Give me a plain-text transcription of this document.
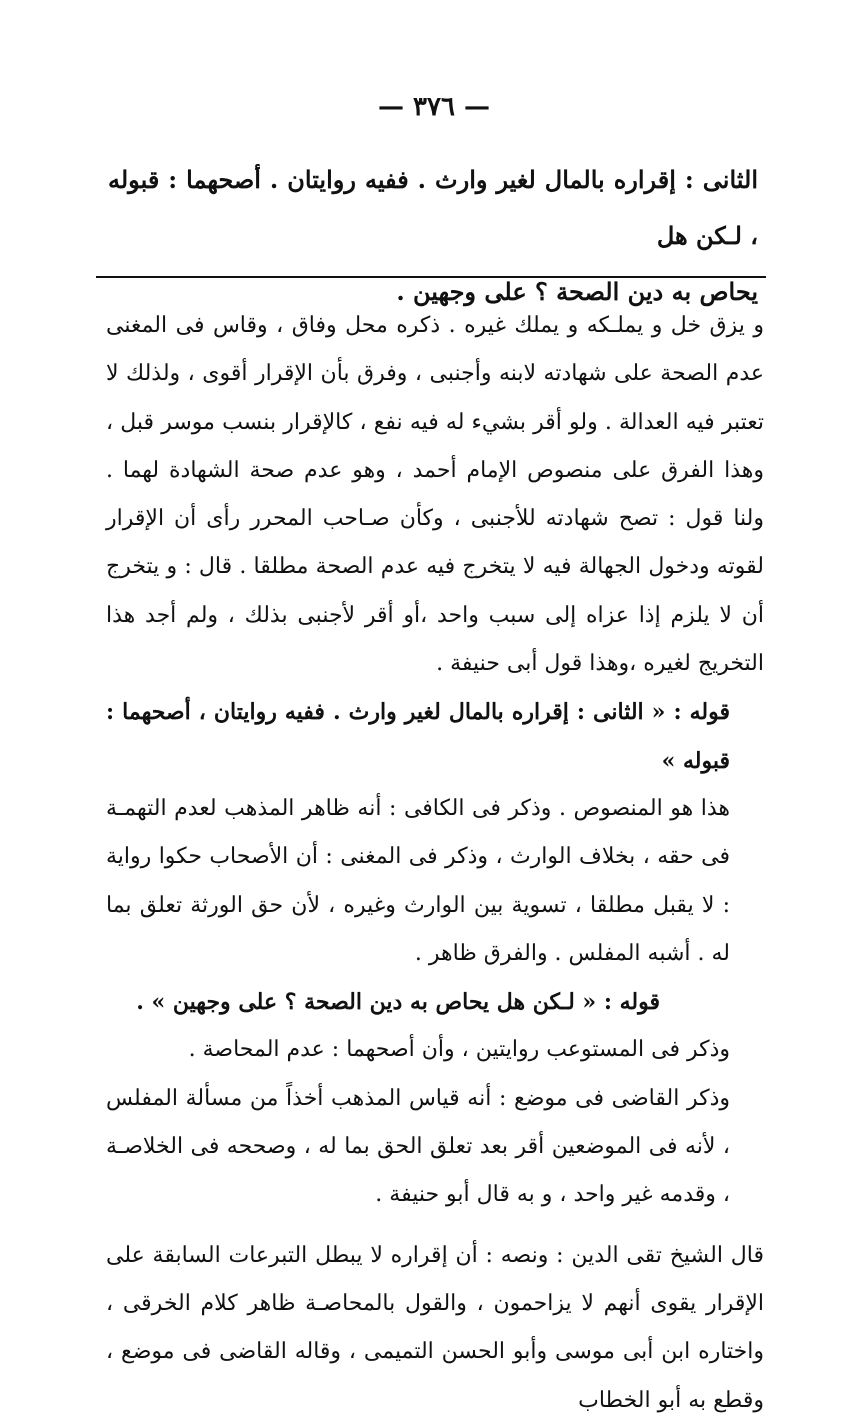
— ٣٧٦ —
الثانى : إقراره بالمال لغير وارث . ففيه روايتان . أصحهما : قبوله ، لـكن هل
يحاص به دين الصحة ؟ على وجهين .

و يزق خل و يملـكه و يملك غيره . ذكره محل وفاق ، وقاس فى المغنى عدم الصحة على شهادته لابنه وأجنبى ، وفرق بأن الإقرار أقوى ، ولذلك لا تعتبر فيه العدالة . ولو أقر بشيء له فيه نفع ، كالإقرار بنسب موسر قبل ، وهذا الفرق على منصوص الإمام أحمد ، وهو عدم صحة الشهادة لهما . ولنا قول : تصح شهادته للأجنبى ، وكأن صـاحب المحرر رأى أن الإقرار لقوته ودخول الجهالة فيه لا يتخرج فيه عدم الصحة مطلقا . قال : و يتخرج أن لا يلزم إذا عزاه إلى سبب واحد ،أو أقر لأجنبى بذلك ، ولم أجد هذا التخريج لغيره ،وهذا قول أبى حنيفة .

قوله : « الثانى : إقراره بالمال لغير وارث . ففيه روايتان ، أصحهما : قبوله »

هذا هو المنصوص . وذكر فى الكافى : أنه ظاهر المذهب لعدم التهمـة فى حقه ، بخلاف الوارث ، وذكر فى المغنى : أن الأصحاب حكوا رواية : لا يقبل مطلقا ، تسوية بين الوارث وغيره ، لأن حق الورثة تعلق بما له . أشبه المفلس . والفرق ظاهر .

قوله : « لـكن هل يحاص به دين الصحة ؟ على وجهين » .

وذكر فى المستوعب روايتين ، وأن أصحهما : عدم المحاصة .

وذكر القاضى فى موضع : أنه قياس المذهب أخذاً من مسألة المفلس ، لأنه فى الموضعين أقر بعد تعلق الحق بما له ، وصححه فى الخلاصـة ، وقدمه غير واحد ، و به قال أبو حنيفة .

قال الشيخ تقى الدين : ونصه : أن إقراره لا يبطل التبرعات السابقة على الإقرار يقوى أنهم لا يزاحمون ، والقول بالمحاصـة ظاهر كلام الخرقى ، واختاره ابن أبى موسى وأبو الحسن التميمى ، وقاله القاضى فى موضع ، وقطع به أبو الخطاب
